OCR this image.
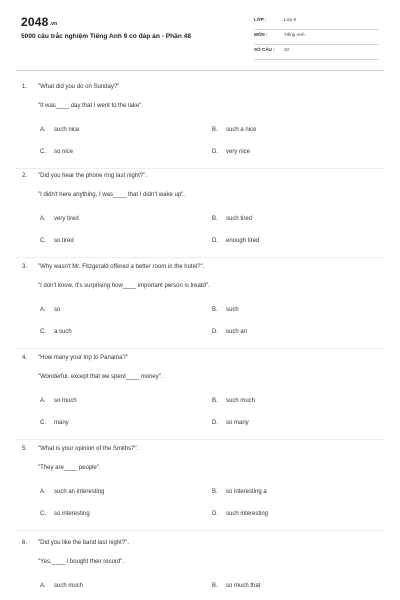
2048.vn
5000 câu trắc nghiệm Tiếng Anh 9 có đáp án - Phần 48
LỚP :	Lớp 9
MÔN :	Tiếng Anh
SỐ CÂU : 20
1. "What did you do on Sunday?"
"It was____ day that I went to the lake".
A. such nice	B. such a nice
C. so nice	D. very nice
2. "Did you hear the phone ring last night?".
"I didn't here anything, I was____ that I didn't wake up".
A. very tired	B. such tired
C. so tired	D. enough tired
3. "Why wasn't Mr. Fitzgerald offered a better room in the hotel?".
"I don't know. It's surprising how____ important person is treatd".
A. so	B. such
C. a such	D. such an
4. "How many your trip to Panama?"
"Wonderful, except that we spent____ money".
A. so much	B. such much
C. many	D. so many
5. "What is your opinion of the Smiths?".
"They are____ people".
A. such an interesting	B. so interesting a
C. so interesting	D. such interesting
6. "Did you like the band last night?".
"Yes,____ I bought their record".
A. such much	B. so much that
